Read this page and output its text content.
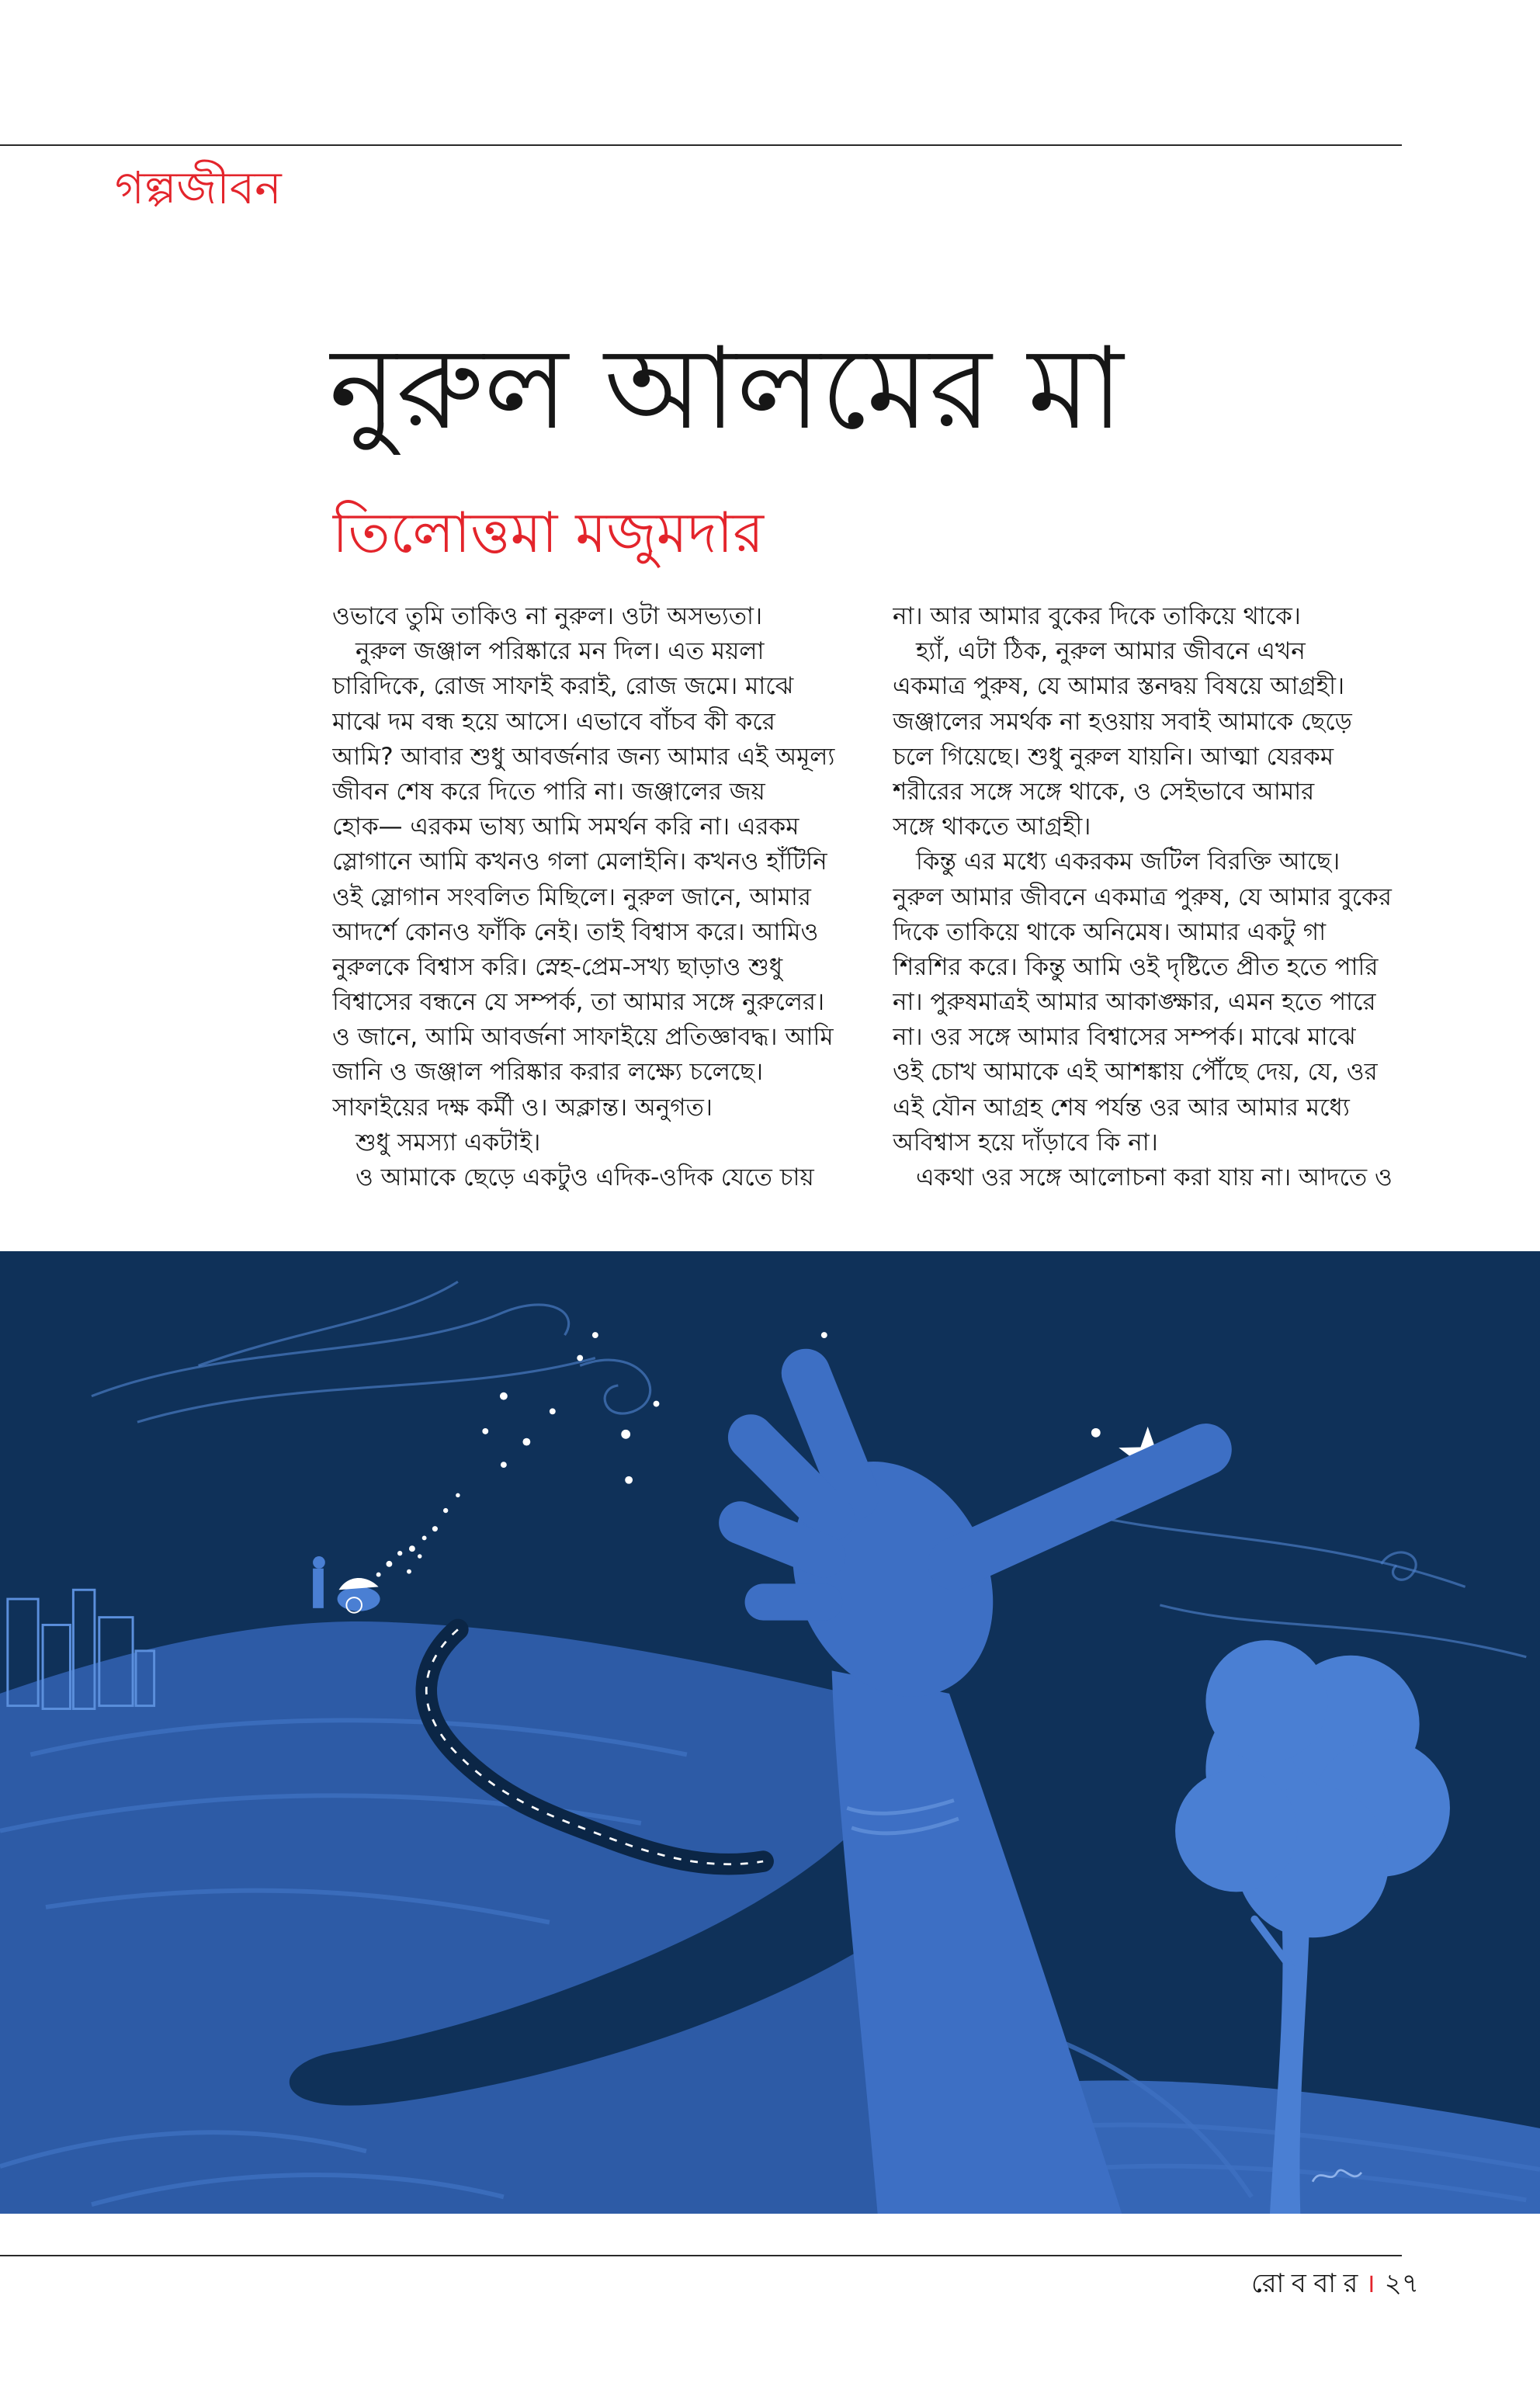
গল্পজীবন
নুরুল আলমের মা
তিলোত্তমা মজুমদার
ওভাবে তুমি তাকিও না নুরুল। ওটা অসভ্যতা।
নুরুল জঞ্জাল পরিষ্কারে মন দিল। এত ময়লা
চারিদিকে, রোজ সাফাই করাই, রোজ জমে। মাঝে
মাঝে দম বন্ধ হয়ে আসে। এভাবে বাঁচব কী করে
আমি? আবার শুধু আবর্জনার জন্য আমার এই অমূল্য
জীবন শেষ করে দিতে পারি না। জঞ্জালের জয়
হোক— এরকম ভাষ্য আমি সমর্থন করি না। এরকম
স্লোগানে আমি কখনও গলা মেলাইনি। কখনও হাঁটিনি
ওই স্লোগান সংবলিত মিছিলে। নুরুল জানে, আমার
আদর্শে কোনও ফাঁকি নেই। তাই বিশ্বাস করে। আমিও
নুরুলকে বিশ্বাস করি। স্নেহ-প্রেম-সখ্য ছাড়াও শুধু
বিশ্বাসের বন্ধনে যে সম্পর্ক, তা আমার সঙ্গে নুরুলের।
ও জানে, আমি আবর্জনা সাফাইয়ে প্রতিজ্ঞাবদ্ধ। আমি
জানি ও জঞ্জাল পরিষ্কার করার লক্ষ্যে চলেছে।
সাফাইয়ের দক্ষ কর্মী ও। অক্লান্ত। অনুগত।
শুধু সমস্যা একটাই।
ও আমাকে ছেড়ে একটুও এদিক-ওদিক যেতে চায়
না। আর আমার বুকের দিকে তাকিয়ে থাকে।
হ্যাঁ, এটা ঠিক, নুরুল আমার জীবনে এখন
একমাত্র পুরুষ, যে আমার স্তনদ্বয় বিষয়ে আগ্রহী।
জঞ্জালের সমর্থক না হওয়ায় সবাই আমাকে ছেড়ে
চলে গিয়েছে। শুধু নুরুল যায়নি। আত্মা যেরকম
শরীরের সঙ্গে সঙ্গে থাকে, ও সেইভাবে আমার
সঙ্গে থাকতে আগ্রহী।
কিন্তু এর মধ্যে একরকম জটিল বিরক্তি আছে।
নুরুল আমার জীবনে একমাত্র পুরুষ, যে আমার বুকের
দিকে তাকিয়ে থাকে অনিমেষ। আমার একটু গা
শিরশির করে। কিন্তু আমি ওই দৃষ্টিতে প্রীত হতে পারি
না। পুরুষমাত্রই আমার আকাঙ্ক্ষার, এমন হতে পারে
না। ওর সঙ্গে আমার বিশ্বাসের সম্পর্ক। মাঝে মাঝে
ওই চোখ আমাকে এই আশঙ্কায় পৌঁছে দেয়, যে, ওর
এই যৌন আগ্রহ শেষ পর্যন্ত ওর আর আমার মধ্যে
অবিশ্বাস হয়ে দাঁড়াবে কি না।
একথা ওর সঙ্গে আলোচনা করা যায় না। আদতে ও
রোববার। ২৭
